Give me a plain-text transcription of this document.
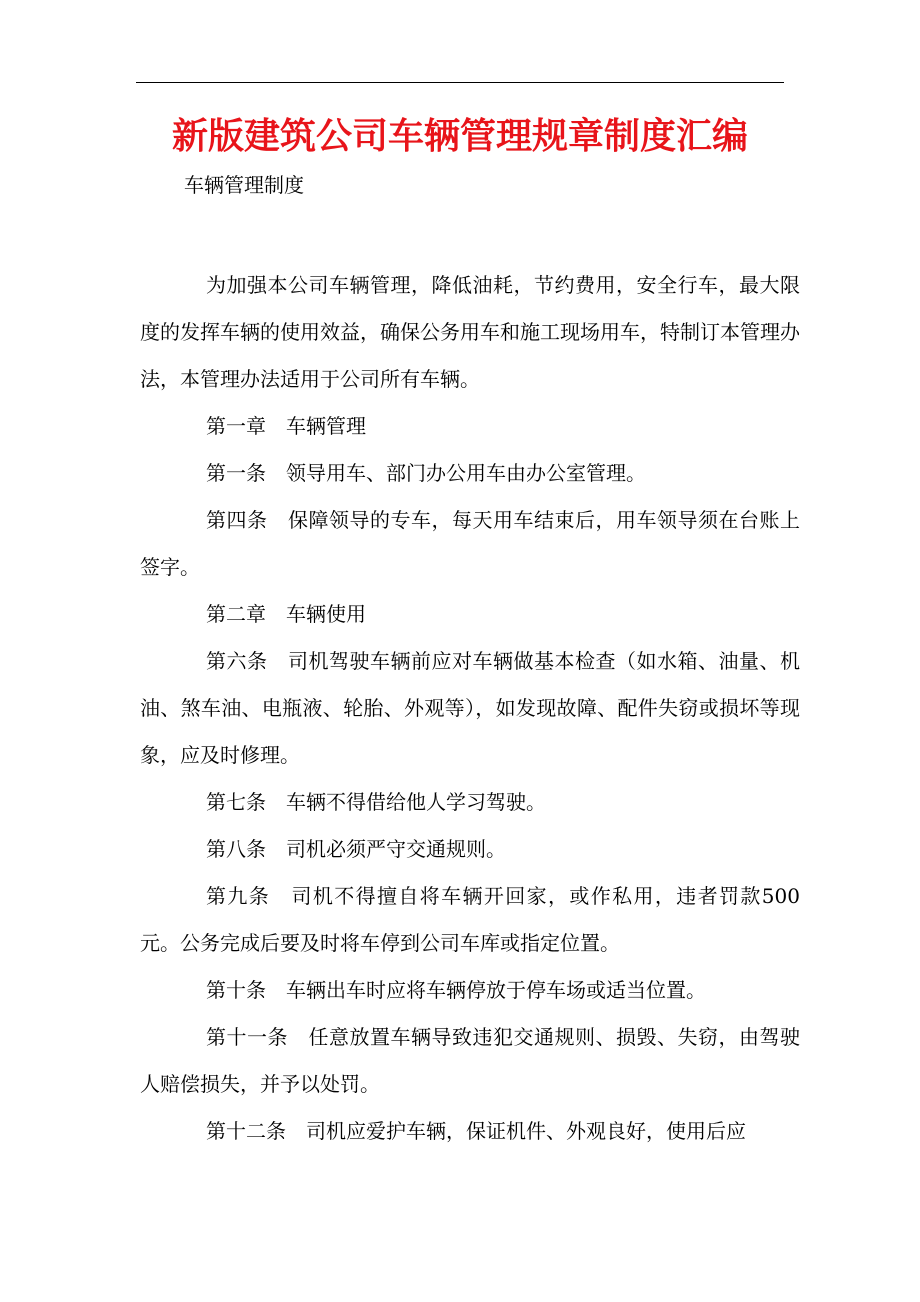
新版建筑公司车辆管理规章制度汇编
车辆管理制度

为加强本公司车辆管理，降低油耗，节约费用，安全行车，最大限度的发挥车辆的使用效益，确保公务用车和施工现场用车，特制订本管理办法，本管理办法适用于公司所有车辆。

第一章　车辆管理

第一条　领导用车、部门办公用车由办公室管理。

第四条　保障领导的专车，每天用车结束后，用车领导须在台账上签字。

第二章　车辆使用

第六条　司机驾驶车辆前应对车辆做基本检查（如水箱、油量、机油、煞车油、电瓶液、轮胎、外观等），如发现故障、配件失窃或损坏等现象，应及时修理。

第七条　车辆不得借给他人学习驾驶。

第八条　司机必须严守交通规则。

第九条　司机不得擅自将车辆开回家，或作私用，违者罚款500元。公务完成后要及时将车停到公司车库或指定位置。

第十条　车辆出车时应将车辆停放于停车场或适当位置。

第十一条　任意放置车辆导致违犯交通规则、损毁、失窃，由驾驶人赔偿损失，并予以处罚。

第十二条　司机应爱护车辆，保证机件、外观良好，使用后应
